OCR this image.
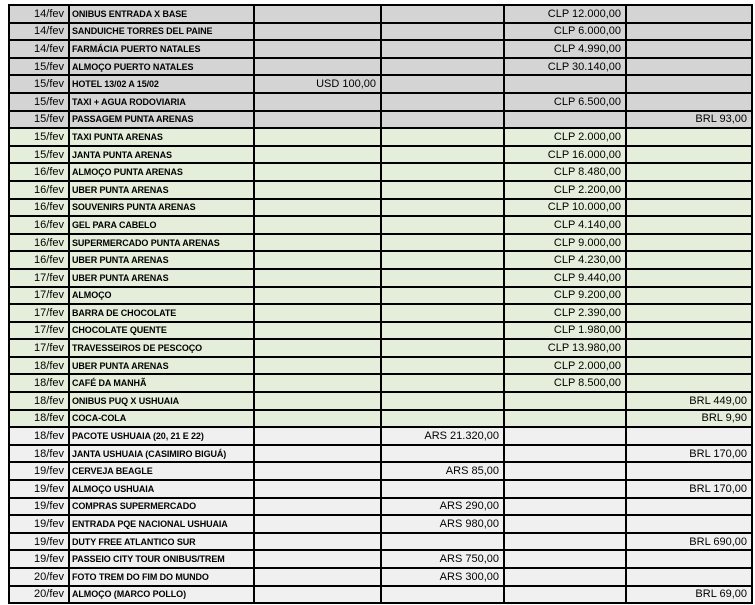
14/fev	ONIBUS ENTRADA X BASE			CLP 12.000,00	
14/fev	SANDUICHE TORRES DEL PAINE			CLP 6.000,00	
14/fev	FARMÁCIA PUERTO NATALES			CLP 4.990,00	
15/fev	ALMOÇO PUERTO NATALES			CLP 30.140,00	
15/fev	HOTEL 13/02 A 15/02	USD 100,00			
15/fev	TAXI + AGUA RODOVIARIA			CLP 6.500,00	
15/fev	PASSAGEM PUNTA ARENAS				BRL 93,00
15/fev	TAXI PUNTA ARENAS			CLP 2.000,00	
15/fev	JANTA PUNTA ARENAS			CLP 16.000,00	
16/fev	ALMOÇO PUNTA ARENAS			CLP 8.480,00	
16/fev	UBER PUNTA ARENAS			CLP 2.200,00	
16/fev	SOUVENIRS PUNTA ARENAS			CLP 10.000,00	
16/fev	GEL PARA CABELO			CLP 4.140,00	
16/fev	SUPERMERCADO PUNTA ARENAS			CLP 9.000,00	
16/fev	UBER PUNTA ARENAS			CLP 4.230,00	
17/fev	UBER PUNTA ARENAS			CLP 9.440,00	
17/fev	ALMOÇO			CLP 9.200,00	
17/fev	BARRA DE CHOCOLATE			CLP 2.390,00	
17/fev	CHOCOLATE QUENTE			CLP 1.980,00	
17/fev	TRAVESSEIROS DE PESCOÇO			CLP 13.980,00	
18/fev	UBER PUNTA ARENAS			CLP 2.000,00	
18/fev	CAFÉ DA MANHÃ			CLP 8.500,00	
18/fev	ONIBUS PUQ X USHUAIA				BRL 449,00
18/fev	COCA-COLA				BRL 9,90
18/fev	PACOTE USHUAIA (20, 21 E 22)		ARS 21.320,00		
18/fev	JANTA USHUAIA (CASIMIRO BIGUÁ)				BRL 170,00
19/fev	CERVEJA BEAGLE		ARS 85,00		
19/fev	ALMOÇO USHUAIA				BRL 170,00
19/fev	COMPRAS SUPERMERCADO		ARS 290,00		
19/fev	ENTRADA PQE NACIONAL USHUAIA		ARS 980,00		
19/fev	DUTY FREE ATLANTICO SUR				BRL 690,00
19/fev	PASSEIO CITY TOUR ONIBUS/TREM		ARS 750,00		
20/fev	FOTO TREM DO FIM DO MUNDO		ARS 300,00		
20/fev	ALMOÇO (MARCO POLLO)				BRL 69,00
